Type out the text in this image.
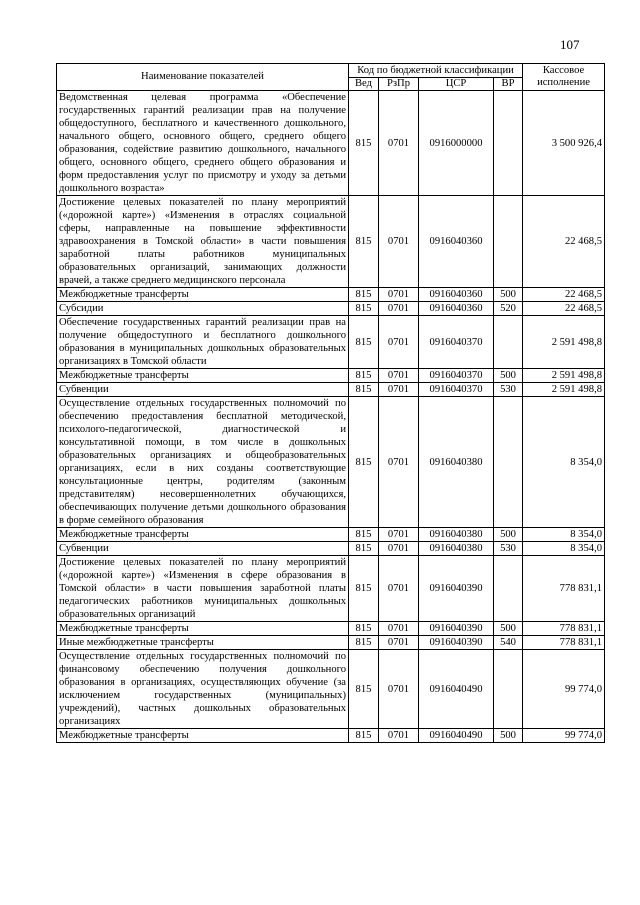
107
Наименование показателей	Код по бюджетной классификации				Кассовое исполнение
	Вед	РзПр	ЦСР	ВР	
Ведомственная целевая программа «Обеспечение государственных гарантий реализации прав на получение общедоступного, бесплатного и качественного дошкольного, начального общего, основного общего, среднего общего образования, содействие развитию дошкольного, начального общего, основного общего, среднего общего образования и форм предоставления услуг по присмотру и уходу за детьми дошкольного возраста»	815	0701	0916000000		3 500 926,4
Достижение целевых показателей по плану мероприятий («дорожной карте») «Изменения в отраслях социальной сферы, направленные на повышение эффективности здравоохранения в Томской области» в части повышения заработной платы работников муниципальных образовательных организаций, занимающих должности врачей, а также среднего медицинского персонала	815	0701	0916040360		22 468,5
Межбюджетные трансферты	815	0701	0916040360	500	22 468,5
Субсидии	815	0701	0916040360	520	22 468,5
Обеспечение государственных гарантий реализации прав на получение общедоступного и бесплатного дошкольного образования в муниципальных дошкольных образовательных организациях в Томской области	815	0701	0916040370		2 591 498,8
Межбюджетные трансферты	815	0701	0916040370	500	2 591 498,8
Субвенции	815	0701	0916040370	530	2 591 498,8
Осуществление отдельных государственных полномочий по обеспечению предоставления бесплатной методической, психолого-педагогической, диагностической и консультативной помощи, в том числе в дошкольных образовательных организациях и общеобразовательных организациях, если в них созданы соответствующие консультационные центры, родителям (законным представителям) несовершеннолетних обучающихся, обеспечивающих получение детьми дошкольного образования в форме семейного образования	815	0701	0916040380		8 354,0
Межбюджетные трансферты	815	0701	0916040380	500	8 354,0
Субвенции	815	0701	0916040380	530	8 354,0
Достижение целевых показателей по плану мероприятий («дорожной карте») «Изменения в сфере образования в Томской области» в части повышения заработной платы педагогических работников муниципальных дошкольных образовательных организаций	815	0701	0916040390		778 831,1
Межбюджетные трансферты	815	0701	0916040390	500	778 831,1
Иные межбюджетные трансферты	815	0701	0916040390	540	778 831,1
Осуществление отдельных государственных полномочий по финансовому обеспечению получения дошкольного образования в организациях, осуществляющих обучение (за исключением государственных (муниципальных) учреждений), частных дошкольных образовательных организациях	815	0701	0916040490		99 774,0
Межбюджетные трансферты	815	0701	0916040490	500	99 774,0
